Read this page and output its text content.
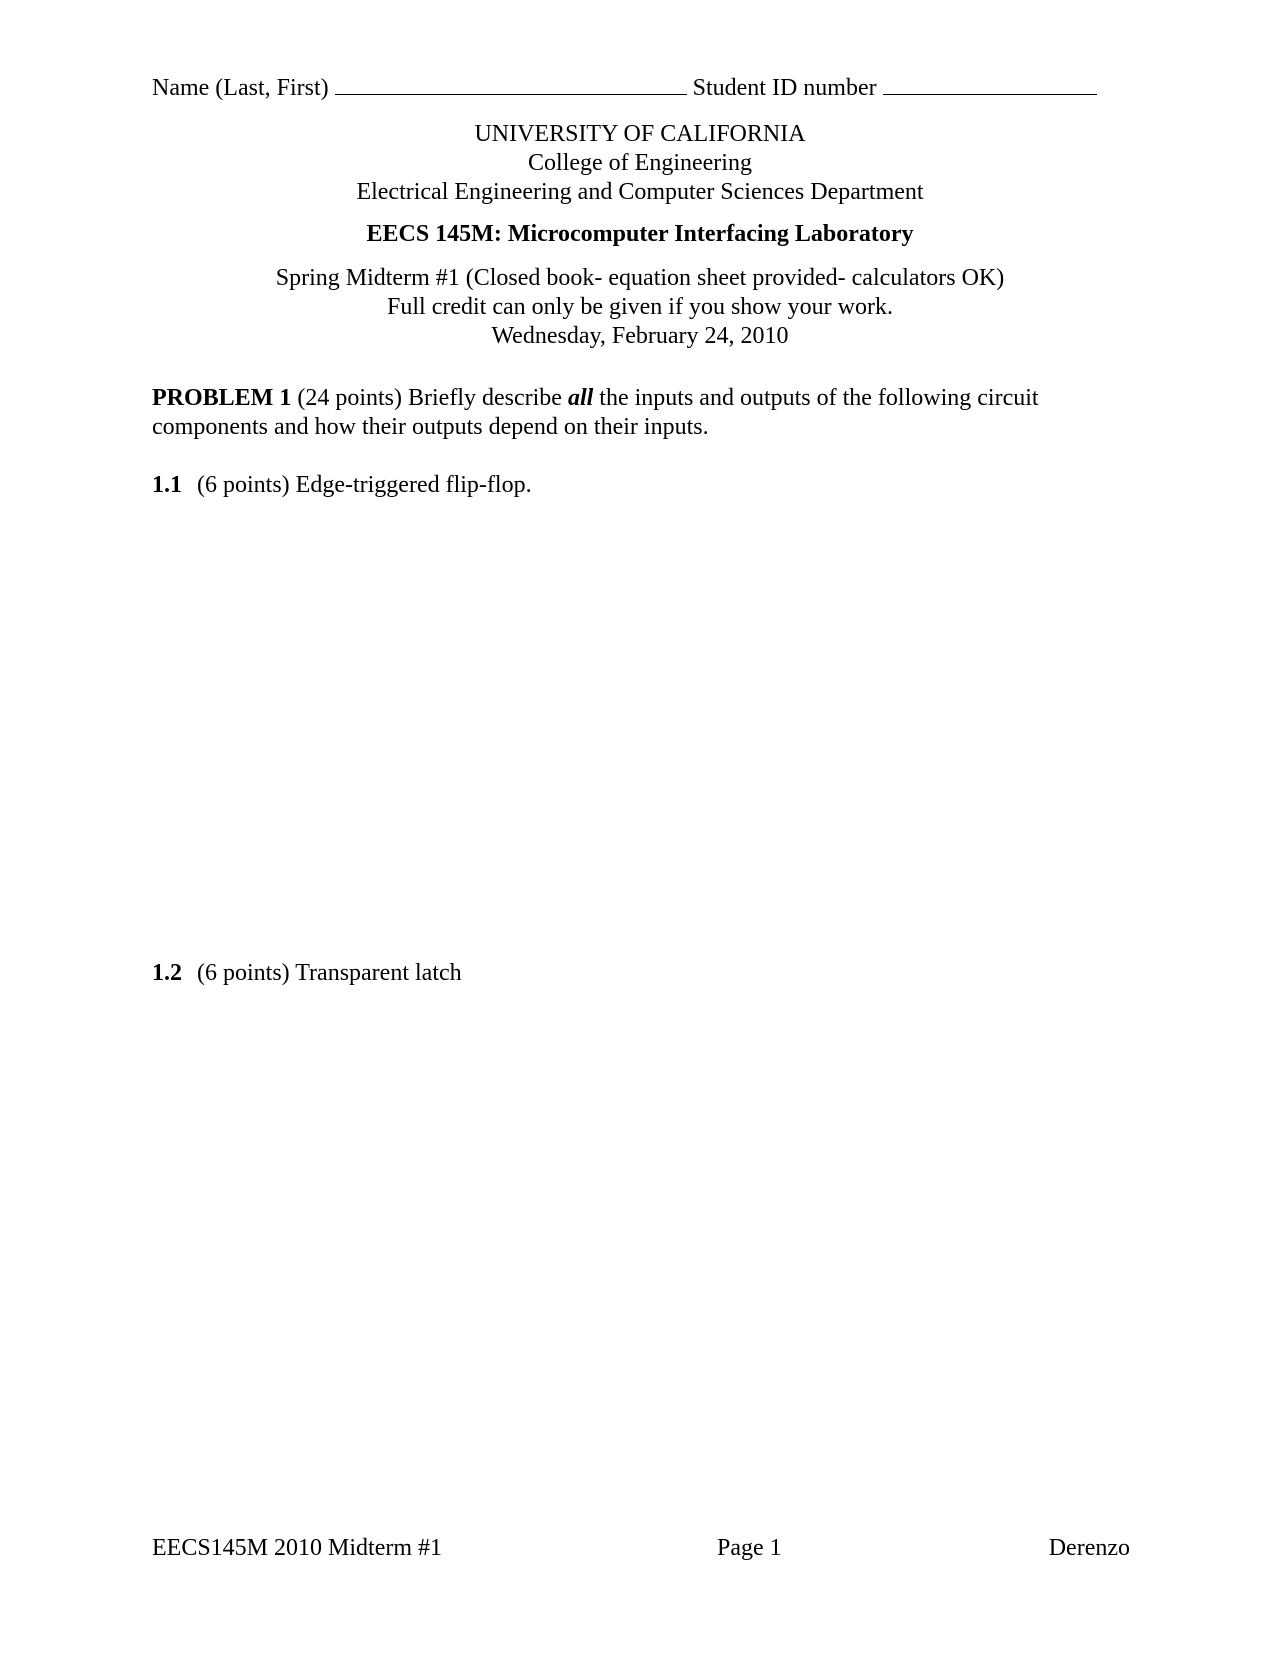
Name (Last, First)	Student ID number
UNIVERSITY OF CALIFORNIA
College of Engineering
Electrical Engineering and Computer Sciences Department
EECS 145M: Microcomputer Interfacing Laboratory
Spring Midterm #1 (Closed book- equation sheet provided- calculators OK)
Full credit can only be given if you show your work.
Wednesday, February 24, 2010
PROBLEM 1 (24 points) Briefly describe all the inputs and outputs of the following circuit components and how their outputs depend on their inputs.
1.1 (6 points) Edge-triggered flip-flop.
1.2 (6 points) Transparent latch
EECS145M 2010 Midterm #1	Page 1	Derenzo
